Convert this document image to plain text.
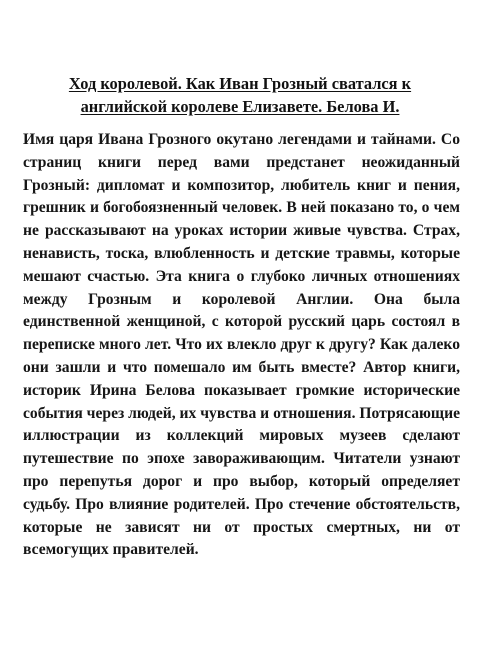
Ход королевой. Как Иван Грозный сватался к английской королеве Елизавете. Белова И.

Имя царя Ивана Грозного окутано легендами и тайнами. Со страниц книги перед вами предстанет неожиданный Грозный: дипломат и композитор, любитель книг и пения, грешник и богобоязненный человек. В ней показано то, о чем не рассказывают на уроках истории живые чувства. Страх, ненависть, тоска, влюбленность и детские травмы, которые мешают счастью. Эта книга о глубоко личных отношениях между Грозным и королевой Англии. Она была единственной женщиной, с которой русский царь состоял в переписке много лет. Что их влекло друг к другу? Как далеко они зашли и что помешало им быть вместе? Автор книги, историк Ирина Белова показывает громкие исторические события через людей, их чувства и отношения. Потрясающие иллюстрации из коллекций мировых музеев сделают путешествие по эпохе завораживающим. Читатели узнают про перепутья дорог и про выбор, который определяет судьбу. Про влияние родителей. Про стечение обстоятельств, которые не зависят ни от простых смертных, ни от всемогущих правителей.
